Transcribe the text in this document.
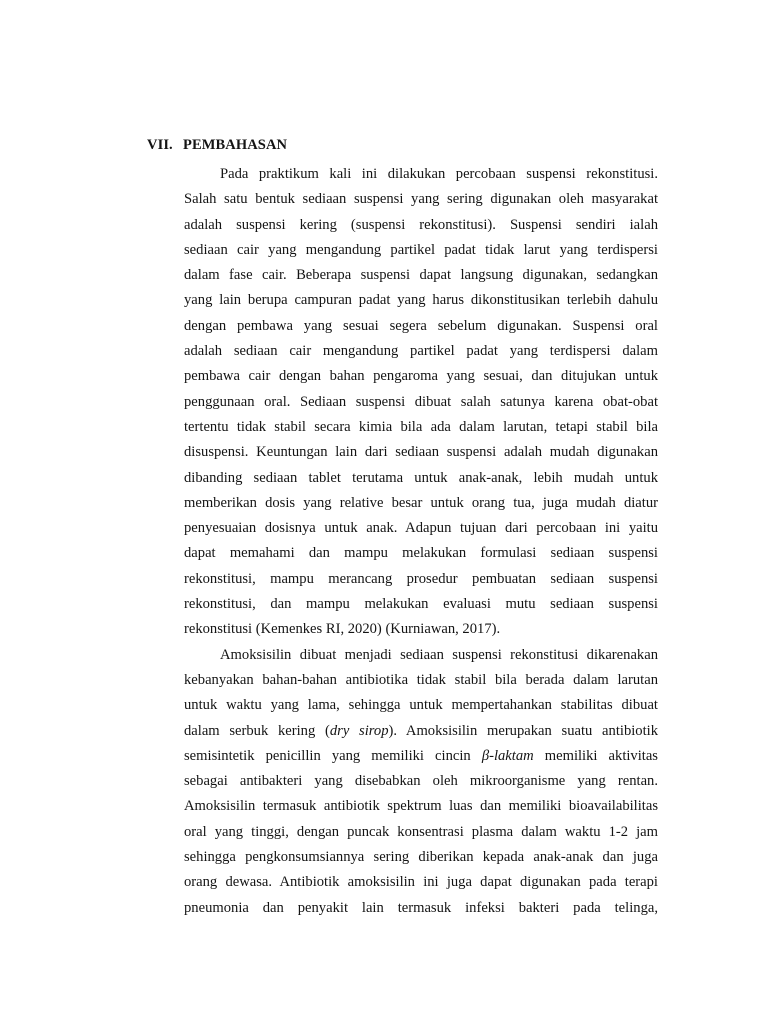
VII. PEMBAHASAN
Pada praktikum kali ini dilakukan percobaan suspensi rekonstitusi.
Salah satu bentuk sediaan suspensi yang sering digunakan oleh masyarakat
adalah suspensi kering (suspensi rekonstitusi). Suspensi sendiri ialah
sediaan cair yang mengandung partikel padat tidak larut yang terdispersi
dalam fase cair. Beberapa suspensi dapat langsung digunakan, sedangkan
yang lain berupa campuran padat yang harus dikonstitusikan terlebih dahulu
dengan pembawa yang sesuai segera sebelum digunakan. Suspensi oral
adalah sediaan cair mengandung partikel padat yang terdispersi dalam
pembawa cair dengan bahan pengaroma yang sesuai, dan ditujukan untuk
penggunaan oral. Sediaan suspensi dibuat salah satunya karena obat-obat
tertentu tidak stabil secara kimia bila ada dalam larutan, tetapi stabil bila
disuspensi. Keuntungan lain dari sediaan suspensi adalah mudah digunakan
dibanding sediaan tablet terutama untuk anak-anak, lebih mudah untuk
memberikan dosis yang relative besar untuk orang tua, juga mudah diatur
penyesuaian dosisnya untuk anak. Adapun tujuan dari percobaan ini yaitu
dapat memahami dan mampu melakukan formulasi sediaan suspensi
rekonstitusi, mampu merancang prosedur pembuatan sediaan suspensi
rekonstitusi, dan mampu melakukan evaluasi mutu sediaan suspensi
rekonstitusi (Kemenkes RI, 2020) (Kurniawan, 2017).
Amoksisilin dibuat menjadi sediaan suspensi rekonstitusi dikarenakan
kebanyakan bahan-bahan antibiotika tidak stabil bila berada dalam larutan
untuk waktu yang lama, sehingga untuk mempertahankan stabilitas dibuat
dalam serbuk kering (dry sirop). Amoksisilin merupakan suatu antibiotik
semisintetik penicillin yang memiliki cincin β-laktam memiliki aktivitas
sebagai antibakteri yang disebabkan oleh mikroorganisme yang rentan.
Amoksisilin termasuk antibiotik spektrum luas dan memiliki bioavailabilitas
oral yang tinggi, dengan puncak konsentrasi plasma dalam waktu 1-2 jam
sehingga pengkonsumsiannya sering diberikan kepada anak-anak dan juga
orang dewasa. Antibiotik amoksisilin ini juga dapat digunakan pada terapi
pneumonia dan penyakit lain termasuk infeksi bakteri pada telinga,
